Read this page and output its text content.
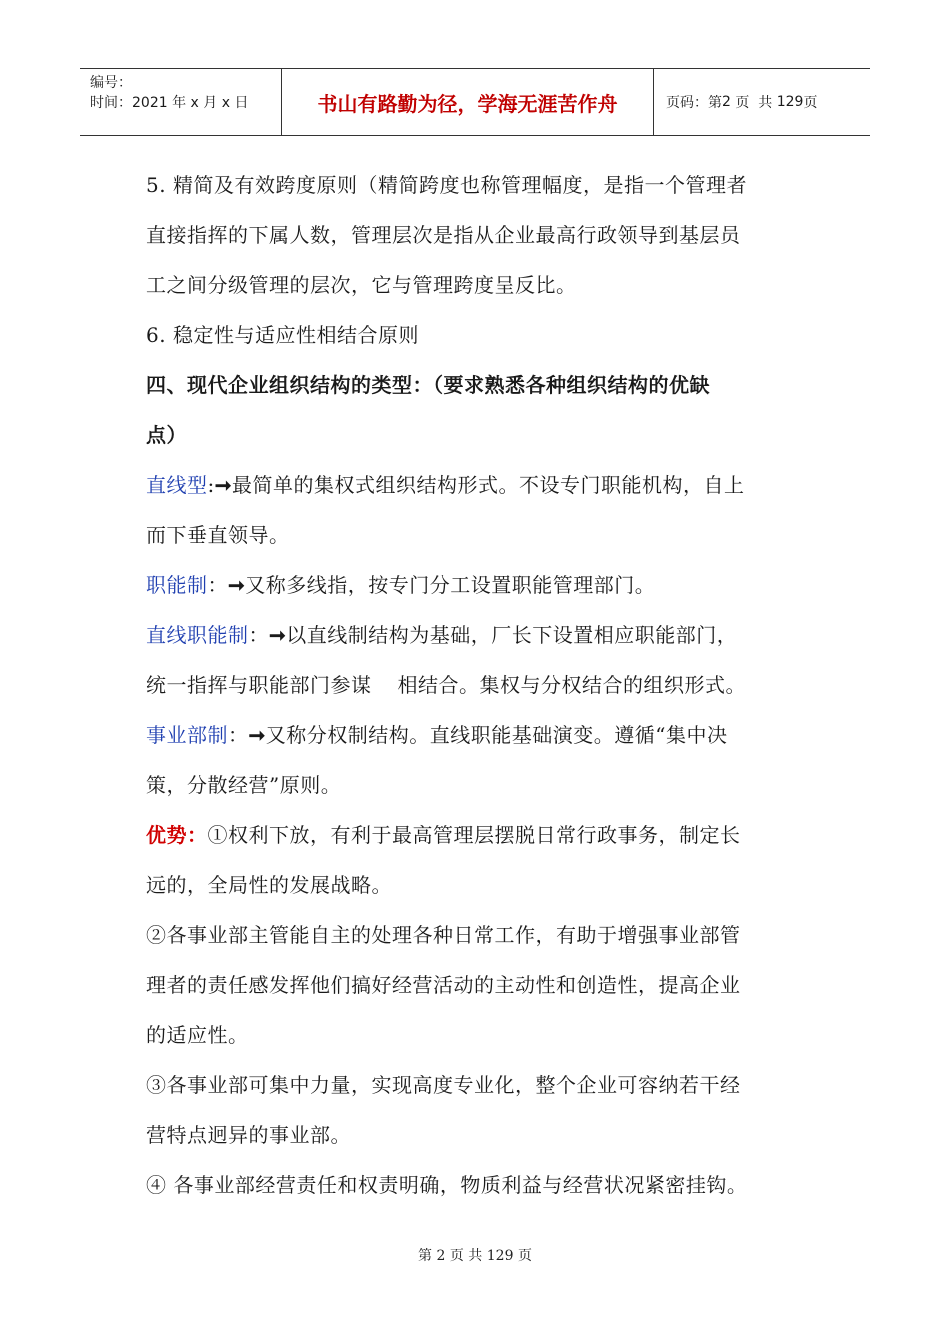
编号：
时间：2021 年 x 月 x 日	书山有路勤为径，学海无涯苦作舟	页码：第 2
页  共
129 页

5. 精简及有效跨度原则（精简跨度也称管理幅度，是指一个管理者

直接指挥的下属人数，管理层次是指从企业最高行政领导到基层员

工之间分级管理的层次，它与管理跨度呈反比。

6. 稳定性与适应性相结合原则

四、现代企业组织结构的类型：（要求熟悉各种组织结构的优缺

点）

直线型:➞最简单的集权式组织结构形式。不设专门职能机构，自上

而下垂直领导。

职能制：➞又称多线指，按专门分工设置职能管理部门。

直线职能制：➞以直线制结构为基础，厂长下设置相应职能部门，

统一指挥与职能部门参谋 相结合。集权与分权结合的组织形式。

事业部制：➞又称分权制结构。直线职能基础演变。遵循“集中决

策，分散经营”原则。

优势：①权利下放，有利于最高管理层摆脱日常行政事务，制定长

远的，全局性的发展战略。

②各事业部主管能自主的处理各种日常工作，有助于增强事业部管

理者的责任感发挥他们搞好经营活动的主动性和创造性，提高企业

的适应性。

③各事业部可集中力量，实现高度专业化，整个企业可容纳若干经

营特点迥异的事业部。

④ 各事业部经营责任和权责明确，物质利益与经营状况紧密挂钩。

第 2 页 共 129 页
